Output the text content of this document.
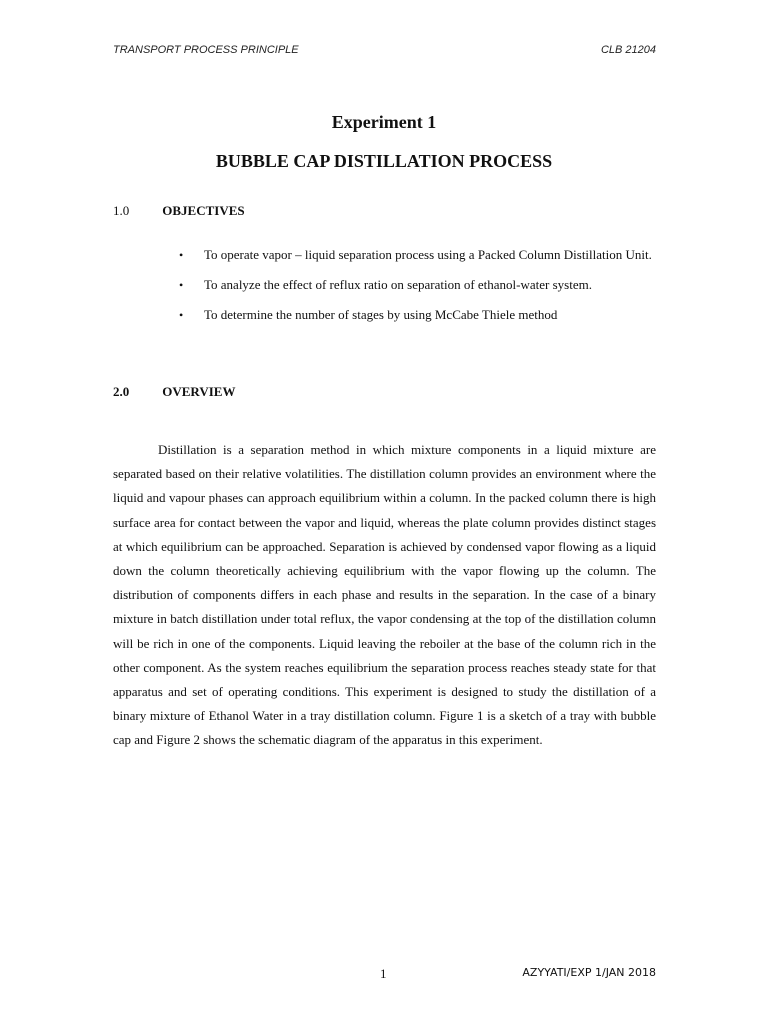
TRANSPORT PROCESS PRINCIPLE	CLB 21204
Experiment 1
BUBBLE CAP DISTILLATION PROCESS
1.0	OBJECTIVES
• To operate vapor – liquid separation process using a Packed Column Distillation Unit.
• To analyze the effect of reflux ratio on separation of ethanol-water system.
• To determine the number of stages by using McCabe Thiele method
2.0	OVERVIEW

Distillation is a separation method in which mixture components in a liquid mixture are separated based on their relative volatilities. The distillation column provides an environment where the liquid and vapour phases can approach equilibrium within a column. In the packed column there is high surface area for contact between the vapor and liquid, whereas the plate column provides distinct stages at which equilibrium can be approached. Separation is achieved by condensed vapor flowing as a liquid down the column theoretically achieving equilibrium with the vapor flowing up the column. The distribution of components differs in each phase and results in the separation. In the case of a binary mixture in batch distillation under total reflux, the vapor condensing at the top of the distillation column will be rich in one of the components. Liquid leaving the reboiler at the base of the column rich in the other component. As the system reaches equilibrium the separation process reaches steady state for that apparatus and set of operating conditions. This experiment is designed to study the distillation of a binary mixture of Ethanol Water in a tray distillation column. Figure 1 is a sketch of a tray with bubble cap and Figure 2 shows the schematic diagram of the apparatus in this experiment.

1	AZYYATI/EXP 1/JAN 2018
